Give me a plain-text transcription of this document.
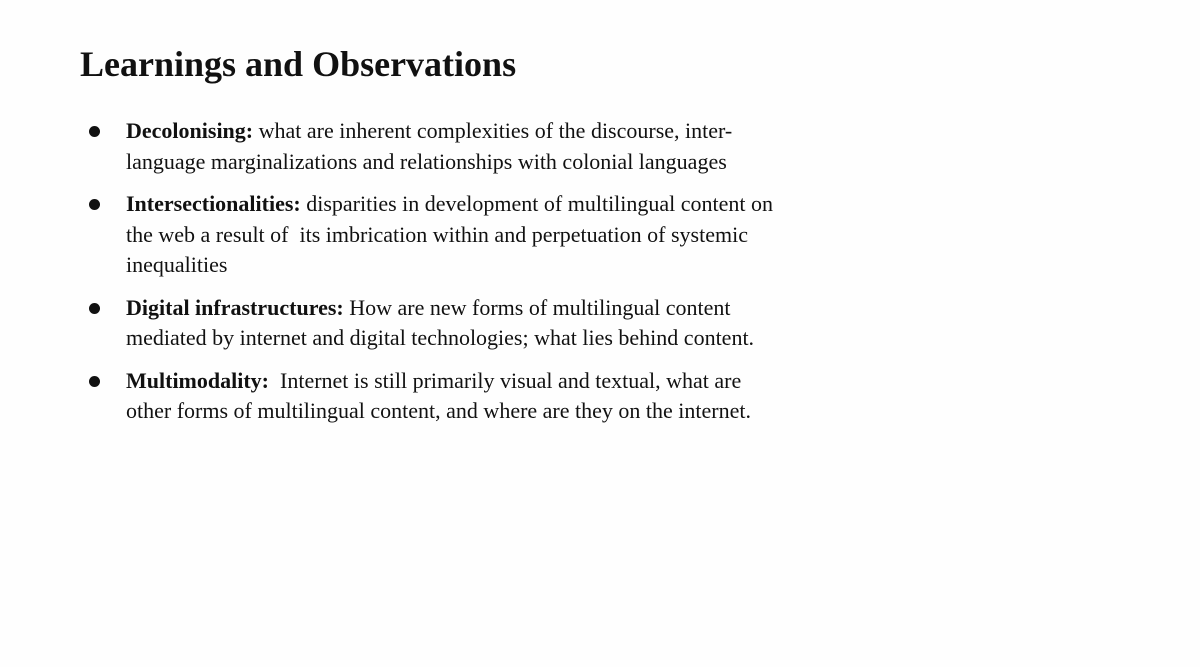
Learnings and Observations
Decolonising: what are inherent complexities of the discourse, inter-language marginalizations and relationships with colonial languages
Intersectionalities: disparities in development of multilingual content on the web a result of  its imbrication within and perpetuation of systemic inequalities
Digital infrastructures: How are new forms of multilingual content mediated by internet and digital technologies; what lies behind content.
Multimodality:  Internet is still primarily visual and textual, what are other forms of multilingual content, and where are they on the internet.
